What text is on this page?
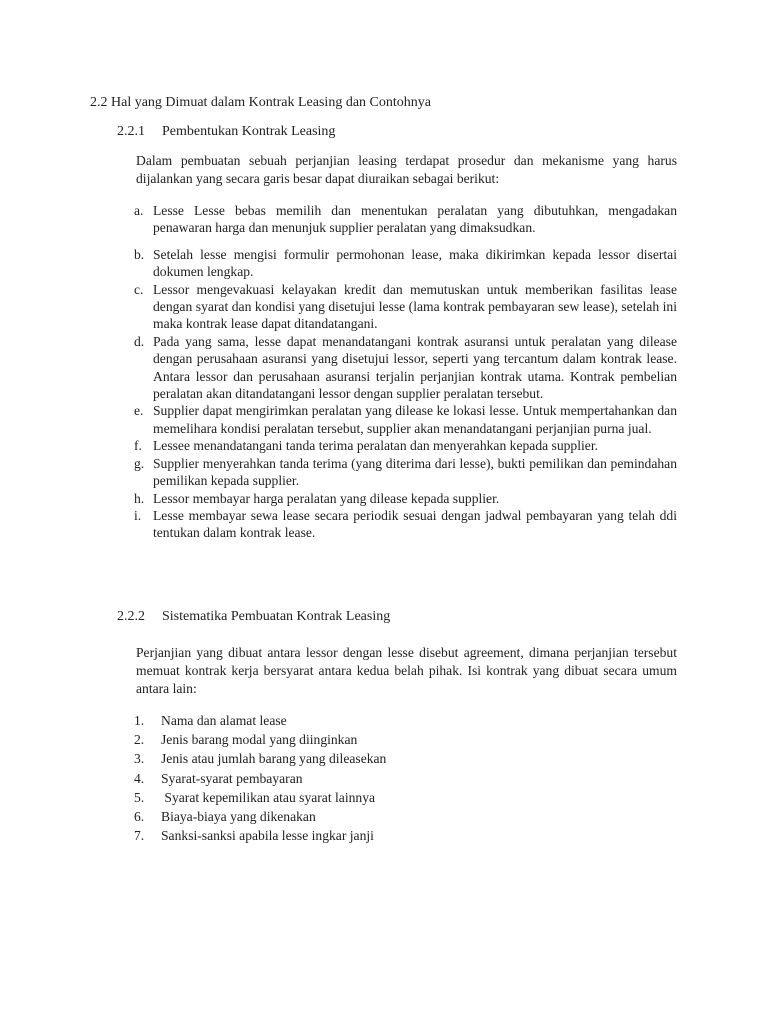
2.2 Hal yang Dimuat dalam Kontrak Leasing dan Contohnya
2.2.1 Pembentukan Kontrak Leasing
Dalam pembuatan sebuah perjanjian leasing terdapat prosedur dan mekanisme yang harus dijalankan yang secara garis besar dapat diuraikan sebagai berikut:
a. Lesse Lesse bebas memilih dan menentukan peralatan yang dibutuhkan, mengadakan penawaran harga dan menunjuk supplier peralatan yang dimaksudkan.
b. Setelah lesse mengisi formulir permohonan lease, maka dikirimkan kepada lessor disertai dokumen lengkap.
c. Lessor mengevakuasi kelayakan kredit dan memutuskan untuk memberikan fasilitas lease dengan syarat dan kondisi yang disetujui lesse (lama kontrak pembayaran sew lease), setelah ini maka kontrak lease dapat ditandatangani.
d. Pada yang sama, lesse dapat menandatangani kontrak asuransi untuk peralatan yang dilease dengan perusahaan asuransi yang disetujui lessor, seperti yang tercantum dalam kontrak lease. Antara lessor dan perusahaan asuransi terjalin perjanjian kontrak utama. Kontrak pembelian peralatan akan ditandatangani lessor dengan supplier peralatan tersebut.
e. Supplier dapat mengirimkan peralatan yang dilease ke lokasi lesse. Untuk mempertahankan dan memelihara kondisi peralatan tersebut, supplier akan menandatangani perjanjian purna jual.
f. Lessee menandatangani tanda terima peralatan dan menyerahkan kepada supplier.
g. Supplier menyerahkan tanda terima (yang diterima dari lesse), bukti pemilikan dan pemindahan pemilikan kepada supplier.
h. Lessor membayar harga peralatan yang dilease kepada supplier.
i. Lesse membayar sewa lease secara periodik sesuai dengan jadwal pembayaran yang telah ddi tentukan dalam kontrak lease.
2.2.2 Sistematika Pembuatan Kontrak Leasing
Perjanjian yang dibuat antara lessor dengan lesse disebut agreement, dimana perjanjian tersebut memuat kontrak kerja bersyarat antara kedua belah pihak. Isi kontrak yang dibuat secara umum antara lain:
1. Nama dan alamat lease
2. Jenis barang modal yang diinginkan
3. Jenis atau jumlah barang yang dileasekan
4. Syarat-syarat pembayaran
5. Syarat kepemilikan atau syarat lainnya
6. Biaya-biaya yang dikenakan
7. Sanksi-sanksi apabila lesse ingkar janji
